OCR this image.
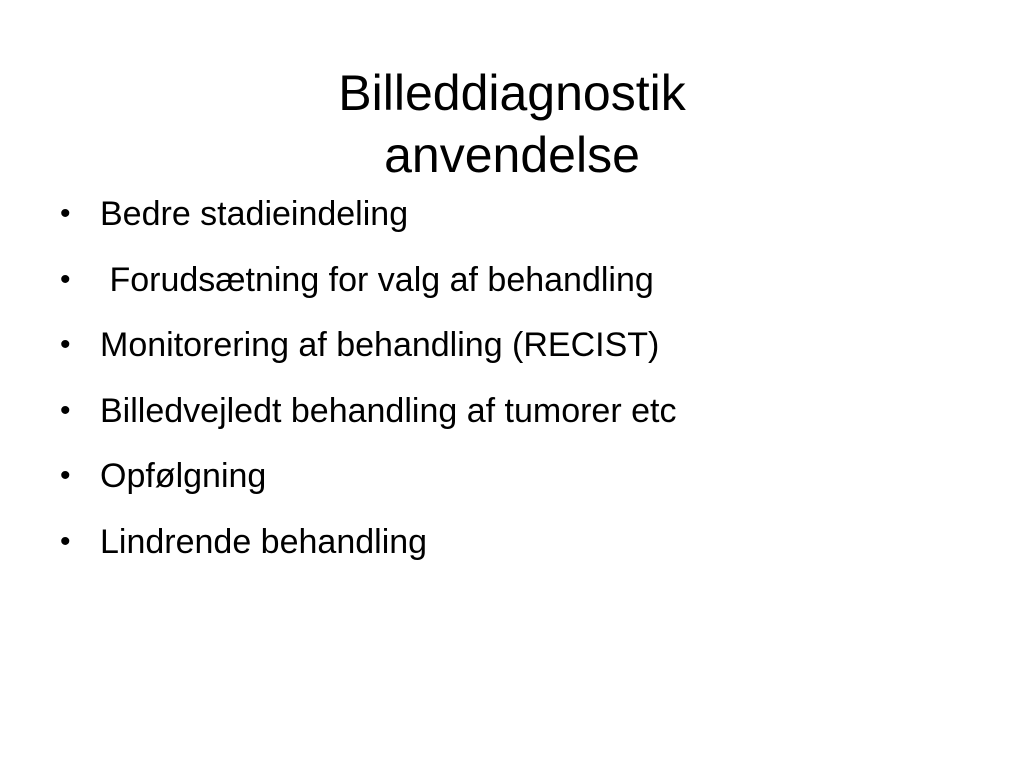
Billeddiagnostik
anvendelse

•

Bedre stadieindeling

•

Forudsætning for valg af behandling

•

Monitorering af behandling (RECIST)

•

Billedvejledt behandling af tumorer etc

•

Opfølgning

•

Lindrende behandling
